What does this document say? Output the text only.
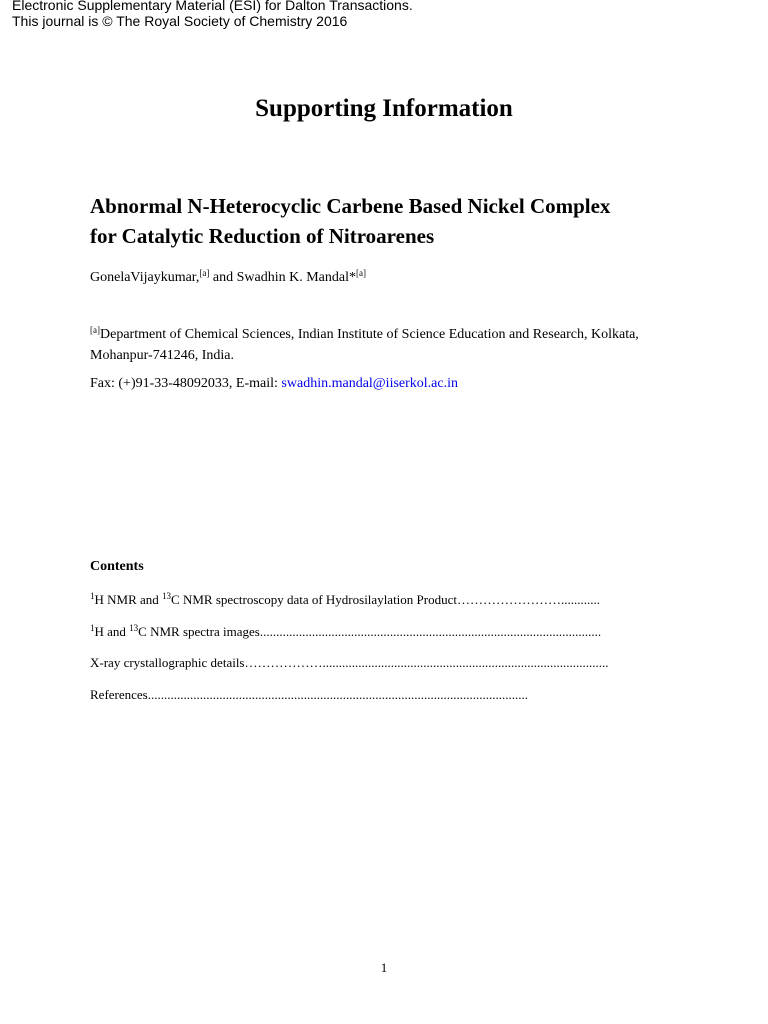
Electronic Supplementary Material (ESI) for Dalton Transactions.
This journal is © The Royal Society of Chemistry 2016
Supporting Information
Abnormal N-Heterocyclic Carbene Based Nickel Complex
for Catalytic Reduction of Nitroarenes
GonelaVijaykumar,[a] and Swadhin K. Mandal*[a]
[a]Department of Chemical Sciences, Indian Institute of Science Education and Research, Kolkata,
Mohanpur-741246, India.
Fax: (+)91-33-48092033, E-mail: swadhin.mandal@iiserkol.ac.in
Contents
$^1$H NMR and $^{13}$C NMR spectroscopy data of Hydrosilaylation Product……………………............
$^1$H and $^{13}$C NMR spectra images.........................................................................................................
X-ray crystallographic details………………........................................................................................
References.....................................................................................................................
1
